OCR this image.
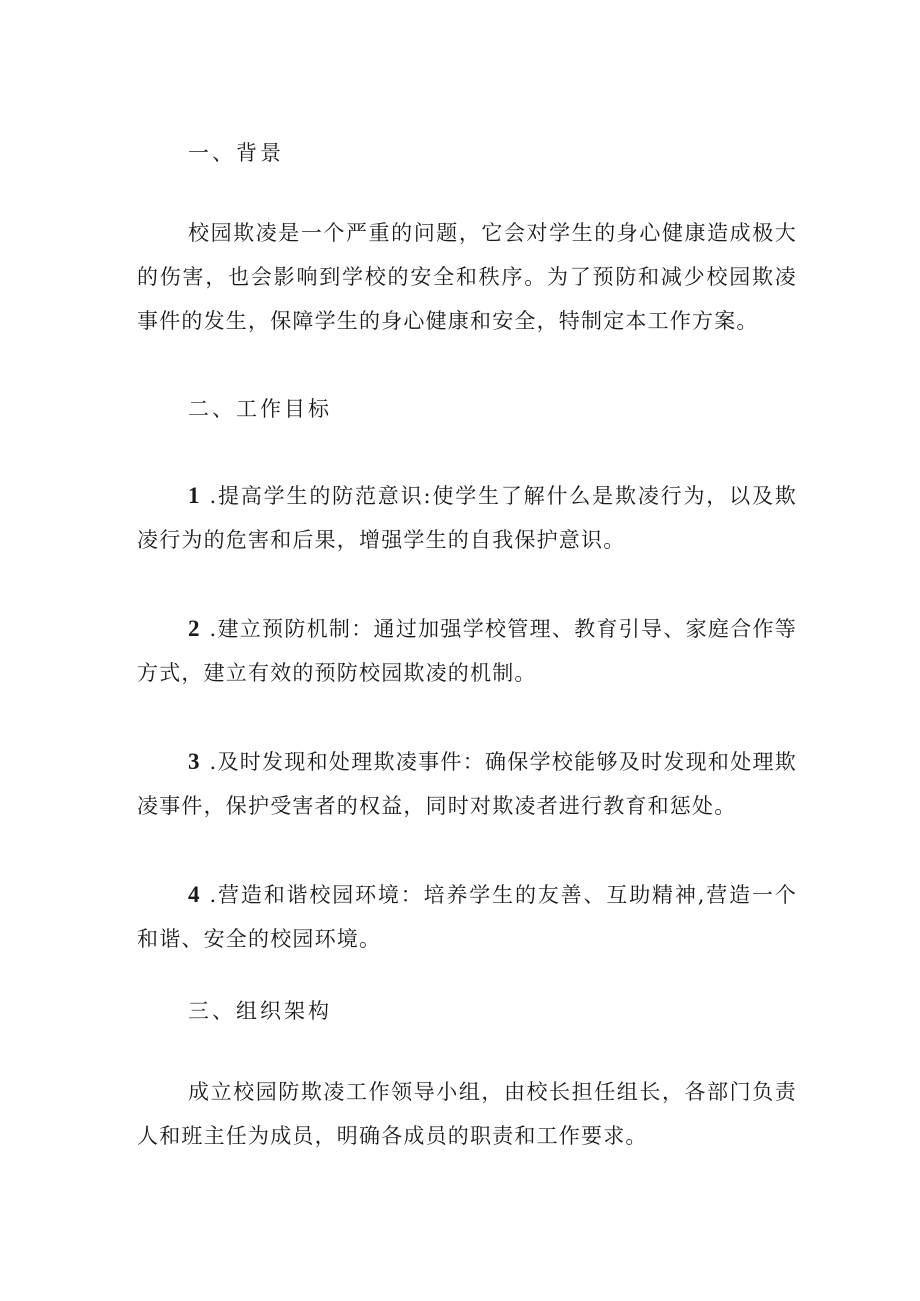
一、背景

校园欺凌是一个严重的问题，它会对学生的身心健康造成极大的伤害，也会影响到学校的安全和秩序。为了预防和减少校园欺凌事件的发生，保障学生的身心健康和安全，特制定本工作方案。

二、工作目标

1 .提高学生的防范意识:使学生了解什么是欺凌行为，以及欺凌行为的危害和后果，增强学生的自我保护意识。

2 .建立预防机制：通过加强学校管理、教育引导、家庭合作等方式，建立有效的预防校园欺凌的机制。

3 .及时发现和处理欺凌事件：确保学校能够及时发现和处理欺凌事件，保护受害者的权益，同时对欺凌者进行教育和惩处。

4 .营造和谐校园环境：培养学生的友善、互助精神,营造一个和谐、安全的校园环境。

三、组织架构

成立校园防欺凌工作领导小组，由校长担任组长，各部门负责人和班主任为成员，明确各成员的职责和工作要求。
